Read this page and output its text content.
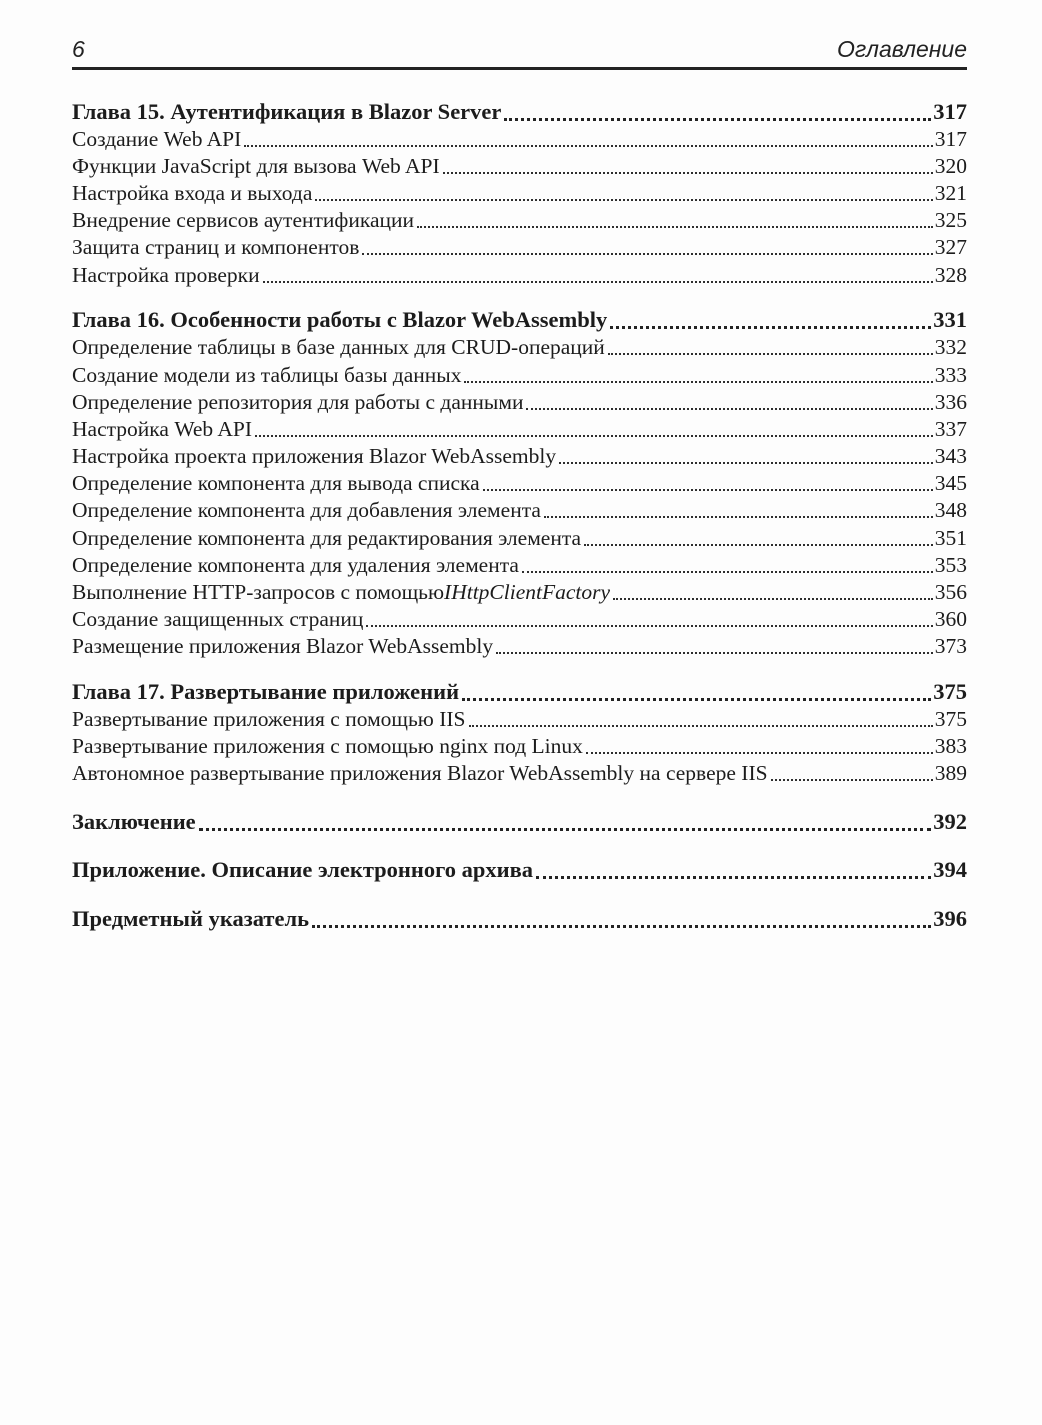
6	Оглавление
Глава 15. Аутентификация в Blazor Server	317
Создание Web API	317
Функции JavaScript для вызова Web API	320
Настройка входа и выхода	321
Внедрение сервисов аутентификации	325
Защита страниц и компонентов	327
Настройка проверки	328
Глава 16. Особенности работы с Blazor WebAssembly	331
Определение таблицы в базе данных для CRUD-операций	332
Создание модели из таблицы базы данных	333
Определение репозитория для работы с данными	336
Настройка Web API	337
Настройка проекта приложения Blazor WebAssembly	343
Определение компонента для вывода списка	345
Определение компонента для добавления элемента	348
Определение компонента для редактирования элемента	351
Определение компонента для удаления элемента	353
Выполнение HTTP-запросов с помощью IHttpClientFactory	356
Создание защищенных страниц	360
Размещение приложения Blazor WebAssembly	373
Глава 17. Развертывание приложений	375
Развертывание приложения с помощью IIS	375
Развертывание приложения с помощью nginx под Linux	383
Автономное развертывание приложения Blazor WebAssembly на сервере IIS	389
Заключение	392
Приложение. Описание электронного архива	394
Предметный указатель	396
